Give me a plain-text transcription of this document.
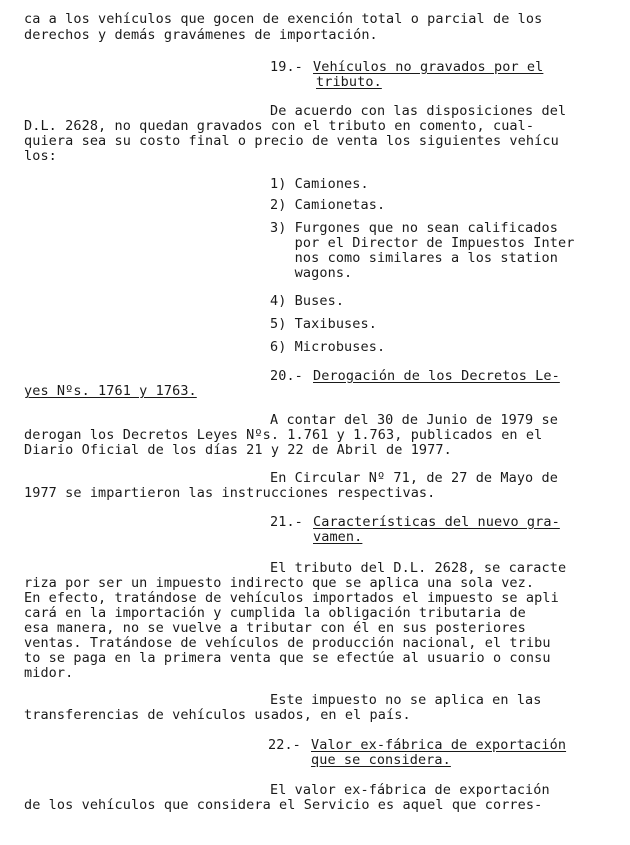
ca a los vehículos que gocen de exención total o parcial de los
derechos y demás gravámenes de importación.
19.- Vehículos no gravados por el
tributo.
De acuerdo con las disposiciones del
D.L. 2628, no quedan gravados con el tributo en comento, cual-
quiera sea su costo final o precio de venta los siguientes vehícu
los:
1) Camiones.
2) Camionetas.
3) Furgones que no sean calificados
por el Director de Impuestos Inter
nos como similares a los station
wagons.
4) Buses.
5) Taxibuses.
6) Microbuses.
20.- Derogación de los Decretos Le-
yes Nºs. 1761 y 1763.
A contar del 30 de Junio de 1979 se
derogan los Decretos Leyes Nºs. 1.761 y 1.763, publicados en el
Diario Oficial de los días 21 y 22 de Abril de 1977.
En Circular Nº 71, de 27 de Mayo de
1977 se impartieron las instrucciones respectivas.
21.- Características del nuevo gra-
vamen.
El tributo del D.L. 2628, se caracte
riza por ser un impuesto indirecto que se aplica una sola vez.
En efecto, tratándose de vehículos importados el impuesto se apli
cará en la importación y cumplida la obligación tributaria de
esa manera, no se vuelve a tributar con él en sus posteriores
ventas. Tratándose de vehículos de producción nacional, el tribu
to se paga en la primera venta que se efectúe al usuario o consu
midor.
Este impuesto no se aplica en las
transferencias de vehículos usados, en el país.
22.- Valor ex-fábrica de exportación
que se considera.
El valor ex-fábrica de exportación
de los vehículos que considera el Servicio es aquel que corres-
